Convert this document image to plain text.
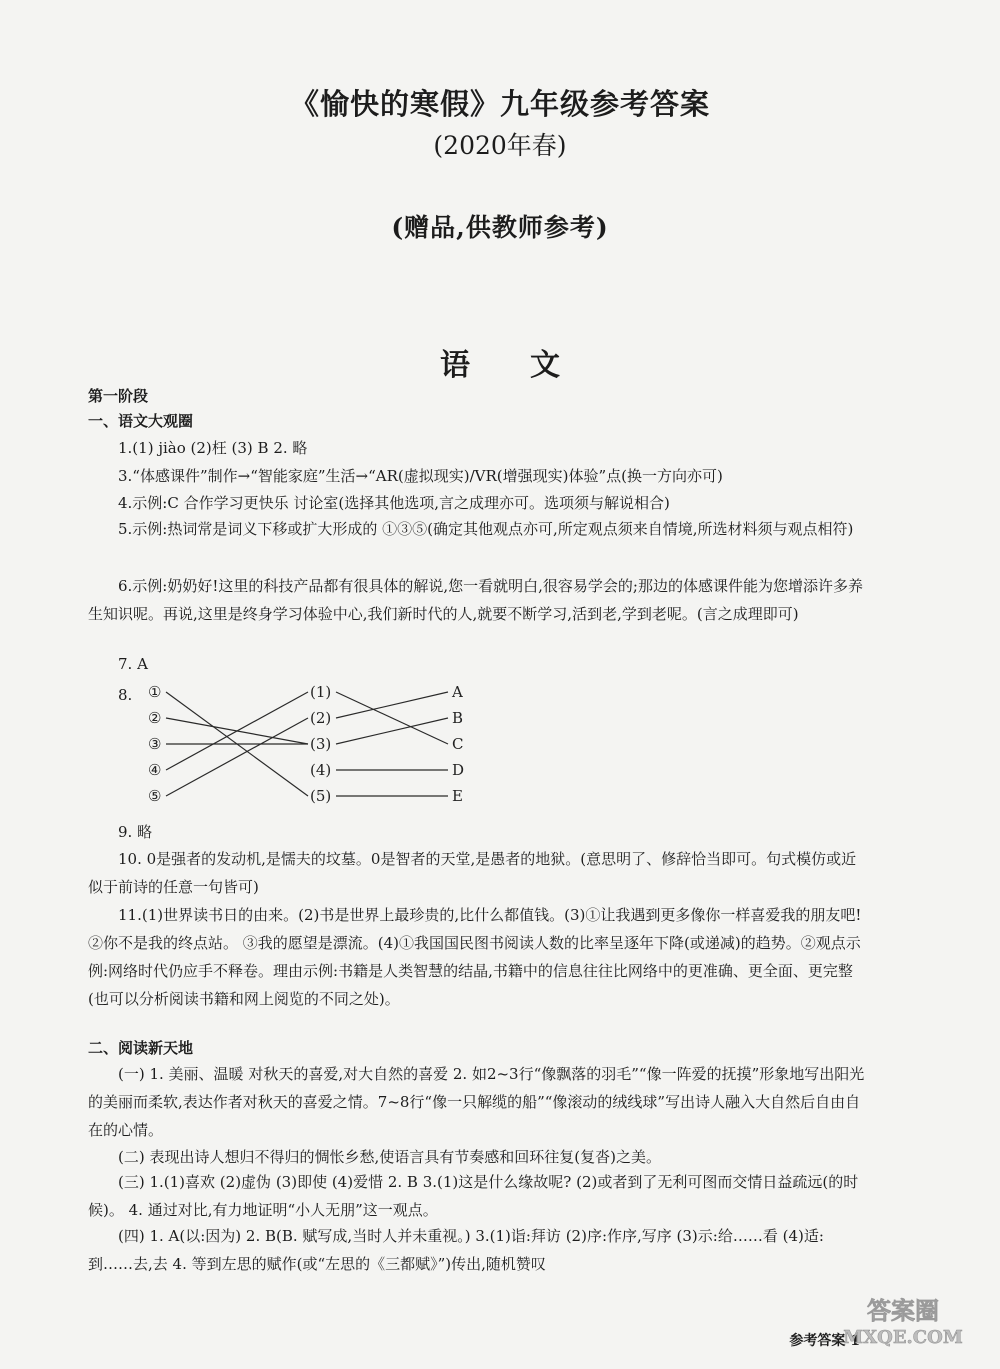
《愉快的寒假》九年级参考答案
(2020年春)
(赠品,供教师参考)
语文
第一阶段
一、语文大观圈
1.(1) jiào (2)枉 (3) B 2. 略
3.“体感课件”制作→“智能家庭”生活→“AR(虚拟现实)/VR(增强现实)体验”点(换一方向亦可)
4.示例:C 合作学习更快乐 讨论室(选择其他选项,言之成理亦可。选项须与解说相合)
5.示例:热词常是词义下移或扩大形成的 ①③⑤(确定其他观点亦可,所定观点须来自情境,所选材料须与观点相符)
6.示例:奶奶好!这里的科技产品都有很具体的解说,您一看就明白,很容易学会的;那边的体感课件能为您增添许多养生知识呢。再说,这里是终身学习体验中心,我们新时代的人,就要不断学习,活到老,学到老呢。(言之成理即可)
7. A
8.	①
②
③
④
⑤
(1)
(2)
(3)
(4)
(5)
A
B
C
D
E
9. 略
10. 0是强者的发动机,是懦夫的坟墓。0是智者的天堂,是愚者的地狱。(意思明了、修辞恰当即可。句式模仿或近似于前诗的任意一句皆可)
11.(1)世界读书日的由来。(2)书是世界上最珍贵的,比什么都值钱。(3)①让我遇到更多像你一样喜爱我的朋友吧! ②你不是我的终点站。 ③我的愿望是漂流。(4)①我国国民图书阅读人数的比率呈逐年下降(或递减)的趋势。②观点示例:网络时代仍应手不释卷。理由示例:书籍是人类智慧的结晶,书籍中的信息往往比网络中的更准确、更全面、更完整(也可以分析阅读书籍和网上阅览的不同之处)。
二、阅读新天地
(一) 1. 美丽、温暖 对秋天的喜爱,对大自然的喜爱 2. 如2~3行“像飘落的羽毛”“像一阵爱的抚摸”形象地写出阳光的美丽而柔软,表达作者对秋天的喜爱之情。7~8行“像一只解缆的船”“像滚动的绒线球”写出诗人融入大自然后自由自在的心情。
(二) 表现出诗人想归不得归的惆怅乡愁,使语言具有节奏感和回环往复(复沓)之美。
(三) 1.(1)喜欢 (2)虚伪 (3)即使 (4)爱惜 2. B 3.(1)这是什么缘故呢? (2)或者到了无利可图而交情日益疏远(的时候)。 4. 通过对比,有力地证明“小人无朋”这一观点。
(四) 1. A(以:因为) 2. B(B. 赋写成,当时人并未重视。) 3.(1)诣:拜访 (2)序:作序,写序 (3)示:给……看 (4)适:到……去,去 4. 等到左思的赋作(或“左思的《三都赋》”)传出,随机赞叹
参考答案 1
答案圈
MXQE.COM
